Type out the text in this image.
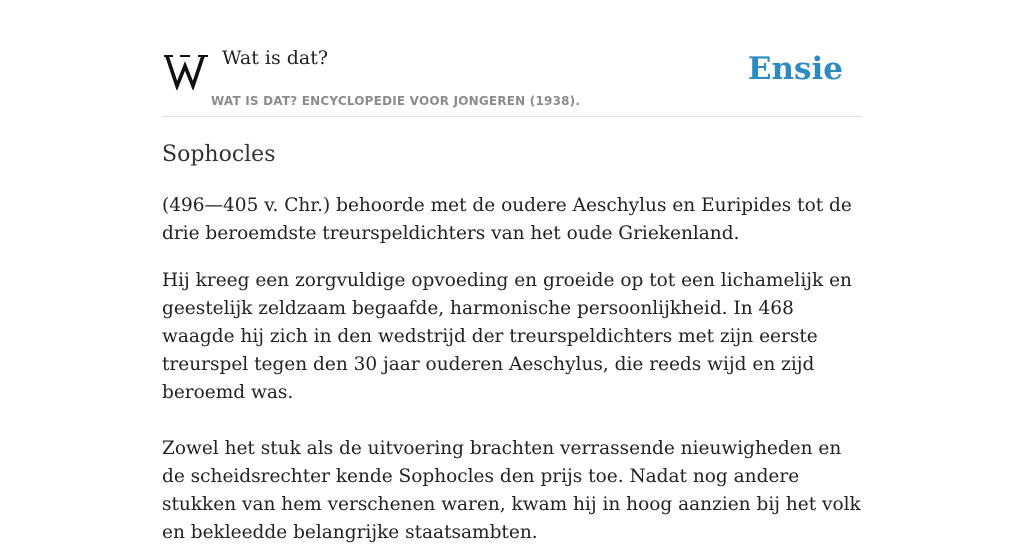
Wat is dat?
WAT IS DAT? ENCYCLOPEDIE VOOR JONGEREN (1938).
Ensie
Sophocles

(496—405 v. Chr.) behoorde met de oudere Aeschylus en Euripides tot de drie beroemdste treurspeldichters van het oude Griekenland.

Hij kreeg een zorgvuldige opvoeding en groeide op tot een lichamelijk en geestelijk zeldzaam begaafde, harmonische persoonlijkheid. In 468 waagde hij zich in den wedstrijd der treurspeldichters met zijn eerste treurspel tegen den 30 jaar ouderen Aeschylus, die reeds wijd en zijd beroemd was.

Zowel het stuk als de uitvoering brachten verrassende nieuwigheden en de scheidsrechter kende Sophocles den prijs toe. Nadat nog andere stukken van hem verschenen waren, kwam hij in hoog aanzien bij het volk en bekleedde belangrijke staatsambten.
